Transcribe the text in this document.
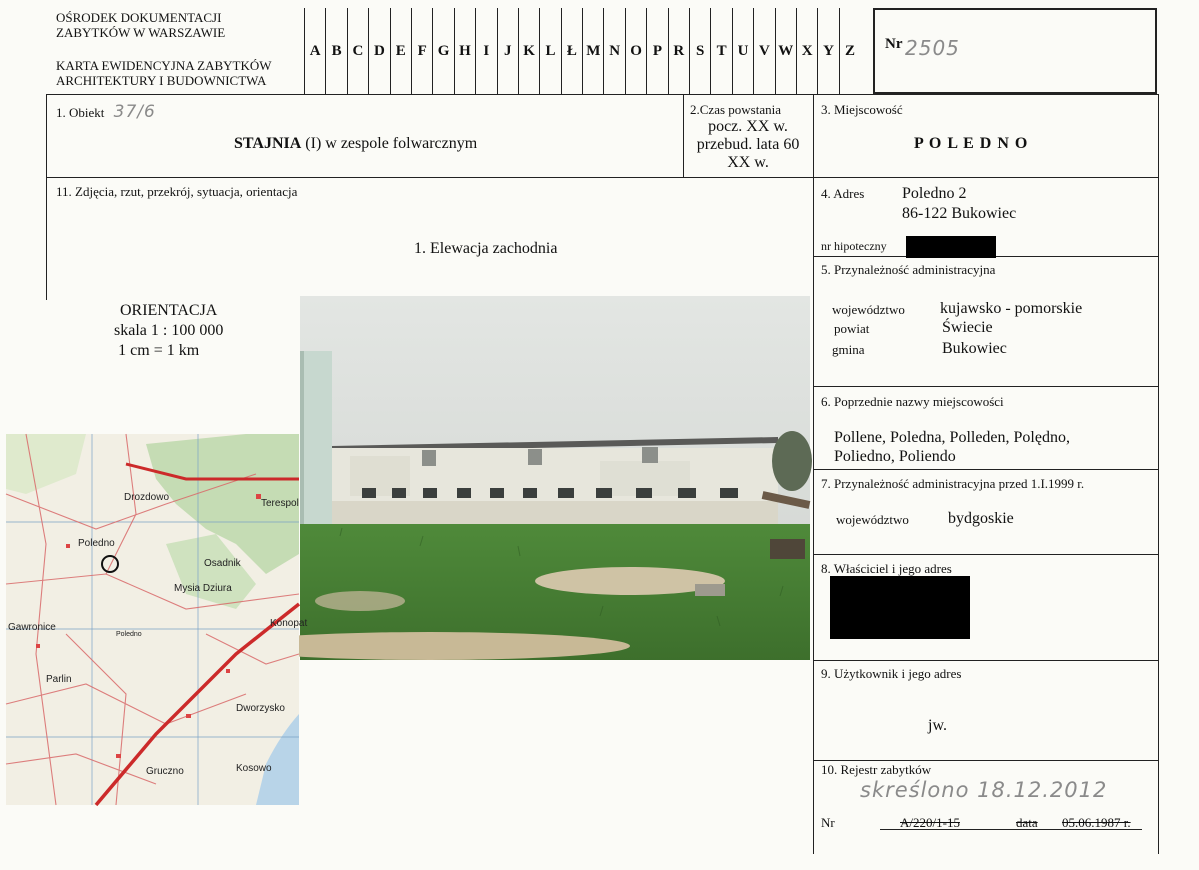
OŚRODEK DOKUMENTACJI
ZABYTKÓW W WARSZAWIE
KARTA EWIDENCYJNA ZABYTKÓW
ARCHITEKTURY I BUDOWNICTWA
A B C D E F G H I J K L Ł M N O P R S T U V W X Y Z	Nr 2505
1. Obiekt 37/6
STAJNIA (I) w zespole folwarcznym
2.Czas powstania
pocz. XX w.
przebud. lata 60
XX w.
3. Miejscowość
P O L E D N O
11. Zdjęcia, rzut, przekrój, sytuacja, orientacja
1. Elewacja zachodnia
ORIENTACJA
skala 1 : 100 000
1 cm = 1 km
Poledno
Terespol
Konopat
Dworzysko
Gruczno
Parlin
Kosowo
Gawronice
Osadnik
Mysia Dziura
Drozdowo
Poledno
4. Adres Poledno 2
86-122 Bukowiec
nr hipoteczny
5. Przynależność administracyjna
województwo kujawsko - pomorskie
powiat	Świecie
gmina	Bukowiec
6. Poprzednie nazwy miejscowości
Pollene, Poledna, Polleden, Polędno,
Poliedno, Poliendo
7. Przynależność administracyjna przed 1.I.1999 r.
województwo bydgoskie
8. Właściciel i jego adres
9. Użytkownik i jego adres
jw.
10. Rejestr zabytków
skreślono 18.12.2012
Nr	A/220/1-15	data 05.06.1987 r.
